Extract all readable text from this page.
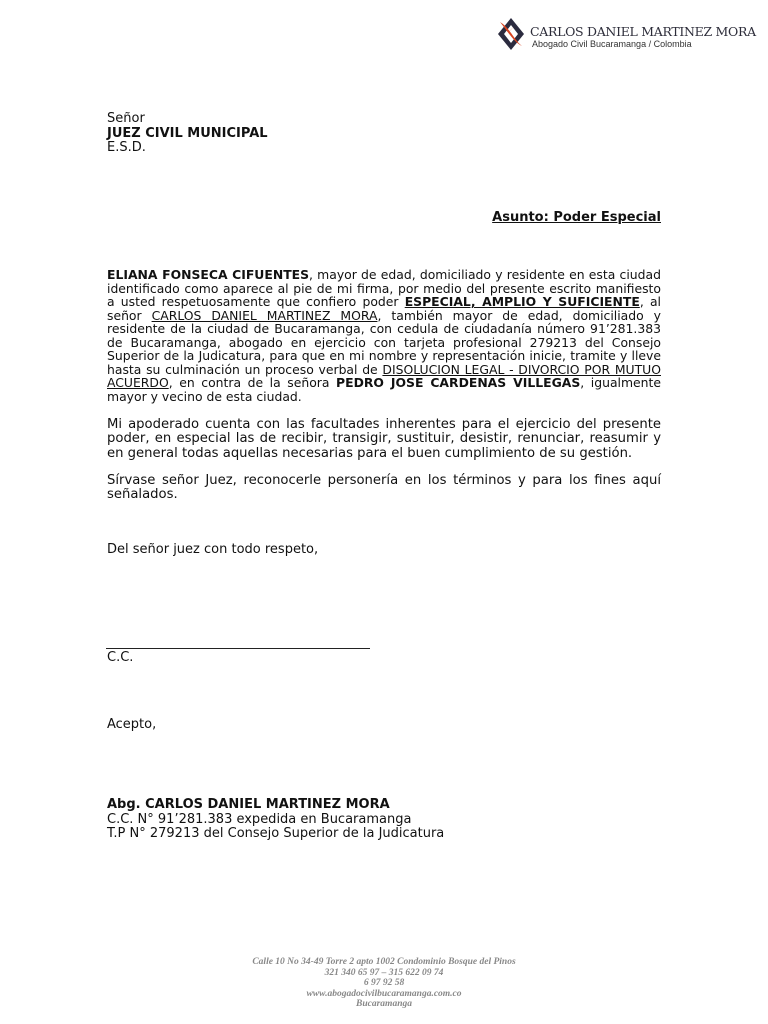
CARLOS DANIEL MARTINEZ MORA
Abogado Civil Bucaramanga / Colombia
Señor
JUEZ CIVIL MUNICIPAL
E.S.D.
Asunto: Poder Especial
ELIANA FONSECA CIFUENTES, mayor de edad, domiciliado y residente en esta ciudad identificado como aparece al pie de mi firma, por medio del presente escrito manifiesto a usted respetuosamente que confiero poder ESPECIAL, AMPLIO Y SUFICIENTE, al señor CARLOS DANIEL MARTINEZ MORA, también mayor de edad, domiciliado y residente de la ciudad de Bucaramanga, con cedula de ciudadanía número 91’281.383 de Bucaramanga, abogado en ejercicio con tarjeta profesional 279213 del Consejo Superior de la Judicatura, para que en mi nombre y representación inicie, tramite y lleve hasta su culminación un proceso verbal de DISOLUCION LEGAL - DIVORCIO POR MUTUO ACUERDO, en contra de la señora PEDRO JOSE CARDENAS VILLEGAS, igualmente mayor y vecino de esta ciudad.
Mi apoderado cuenta con las facultades inherentes para el ejercicio del presente poder, en especial las de recibir, transigir, sustituir, desistir, renunciar, reasumir y en general todas aquellas necesarias para el buen cumplimiento de su gestión.
Sírvase señor Juez, reconocerle personería en los términos y para los fines aquí señalados.
Del señor juez con todo respeto,
C.C.
Acepto,
Abg. CARLOS DANIEL MARTINEZ MORA
C.C. N° 91’281.383 expedida en Bucaramanga
T.P N° 279213 del Consejo Superior de la Judicatura
Calle 10 No 34-49 Torre 2 apto 1002 Condominio Bosque del Pinos
321 340 65 97 – 315 622 09 74
6 97 92 58
www.abogadocivilbucaramanga.com.co
Bucaramanga
